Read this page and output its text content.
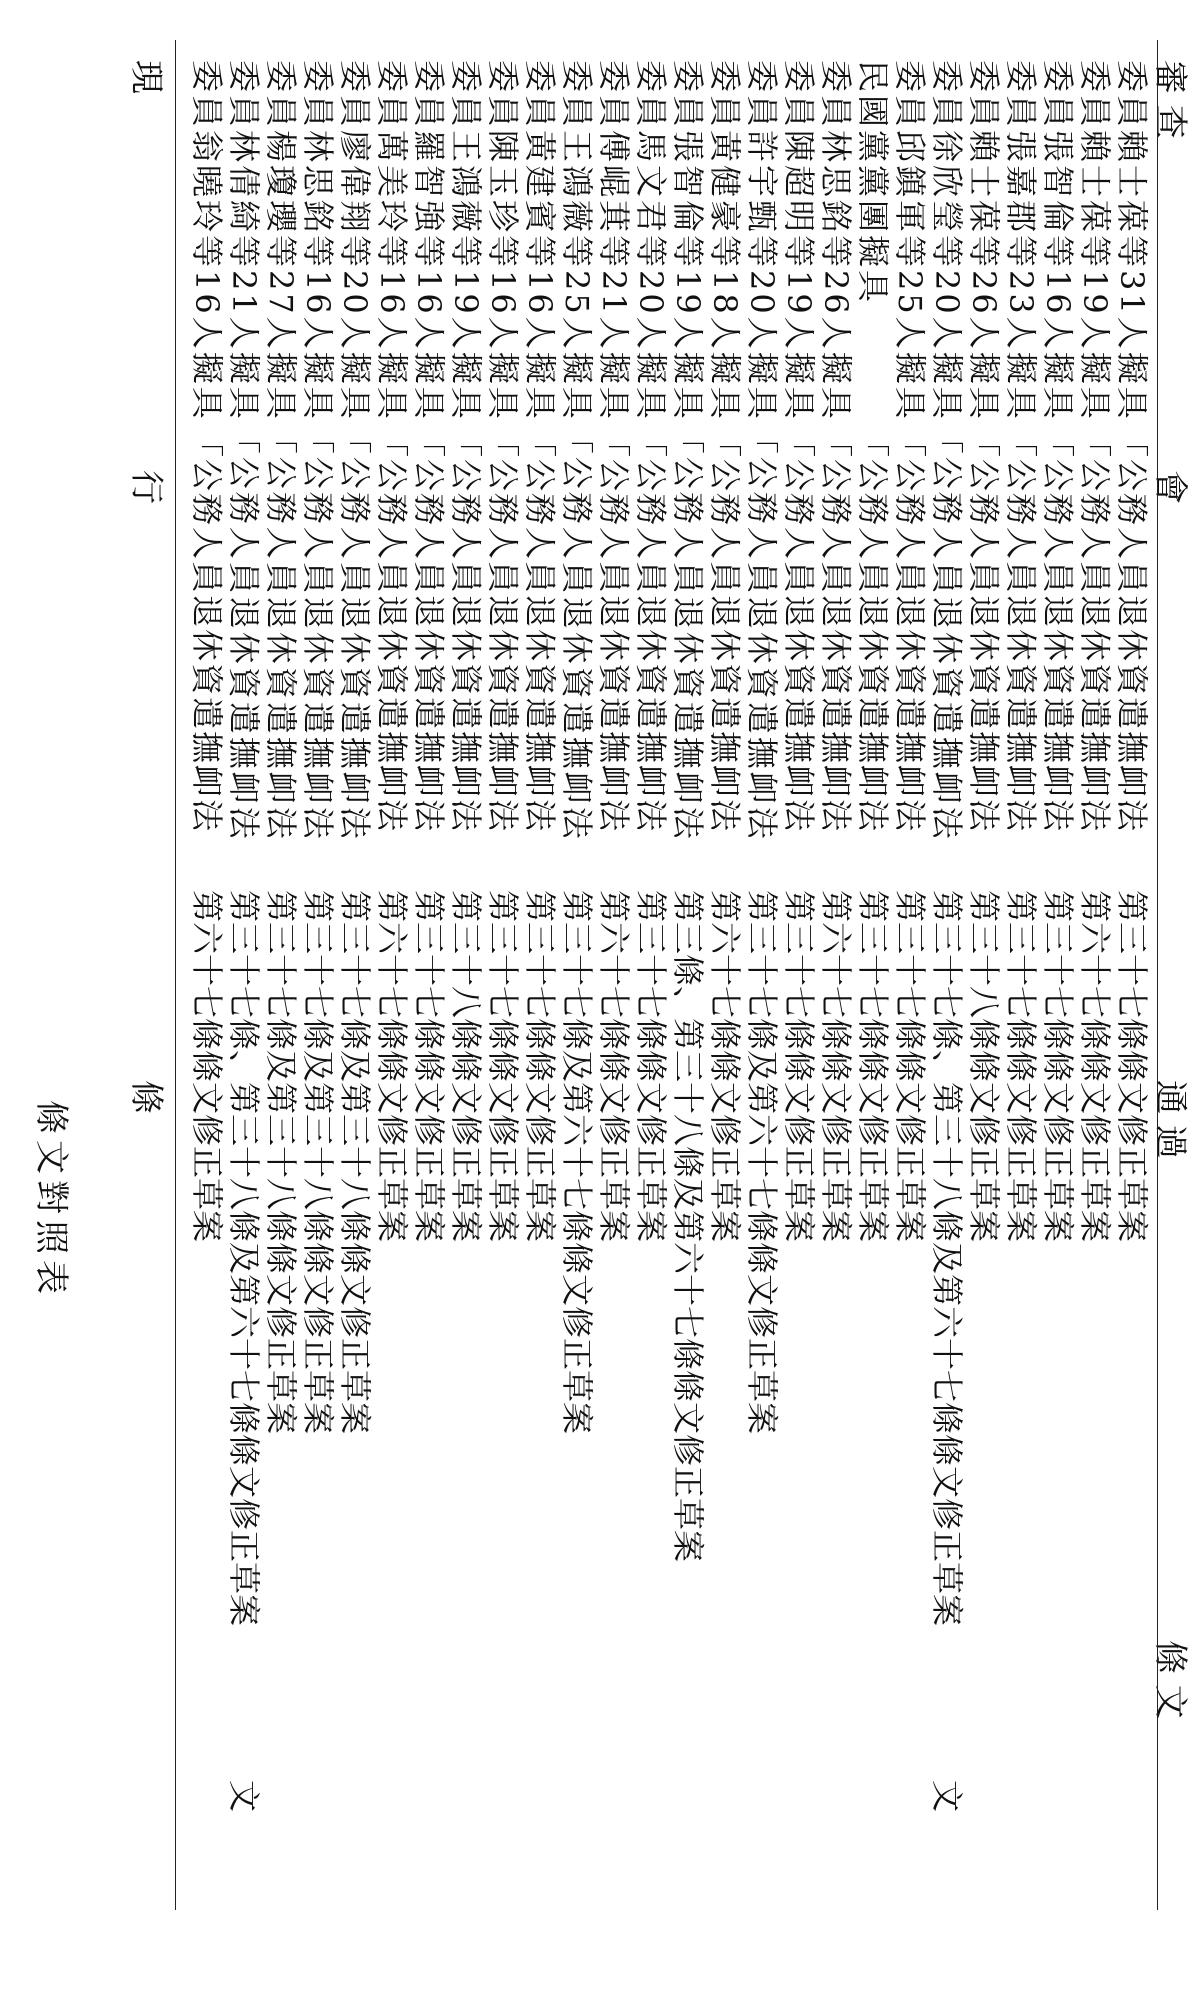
審 查
會
通 過
條 文
委員賴士葆等31人擬具
「公務人員退休資遣撫卹法
第三十七條條文修正草案
委員賴士葆等19人擬具
「公務人員退休資遣撫卹法
第六十七條條文修正草案
委員張智倫等16人擬具
「公務人員退休資遣撫卹法
第三十七條條文修正草案
委員張嘉郡等23人擬具
「公務人員退休資遣撫卹法
第三十七條條文修正草案
委員賴士葆等26人擬具
「公務人員退休資遣撫卹法
第三十八條條文修正草案
委員徐欣瑩等20人擬具「公務人員退休資遣撫卹法
第三十七條、第三十八條及第六十七條條文修正草案
文
委員邱鎮軍等25人擬具
「公務人員退休資遣撫卹法
第三十七條條文修正草案
民國黨黨團擬具
「公務人員退休資遣撫卹法
第三十七條條文修正草案
委員林思銘等26人擬具
「公務人員退休資遣撫卹法
第六十七條條文修正草案
委員陳超明等19人擬具
「公務人員退休資遣撫卹法
第三十七條條文修正草案
委員許宇甄等20人擬具「公務人員退休資遣撫卹法
第三十七條及第六十七條條文修正草案
委員黃健豪等18人擬具
「公務人員退休資遣撫卹法
第六十七條條文修正草案
委員張智倫等19人擬具「公務人員退休資遣撫卹法
第三條、第三十八條及第六十七條條文修正草案
委員馬文君等20人擬具
「公務人員退休資遣撫卹法
第三十七條條文修正草案
委員傅崐萁等21人擬具
「公務人員退休資遣撫卹法
第六十七條條文修正草案
委員王鴻薇等25人擬具「公務人員退休資遣撫卹法
第三十七條及第六十七條條文修正草案
委員黃建賓等16人擬具
「公務人員退休資遣撫卹法
第三十七條條文修正草案
委員陳玉珍等16人擬具
「公務人員退休資遣撫卹法
第三十七條條文修正草案
委員王鴻薇等19人擬具
「公務人員退休資遣撫卹法
第三十八條條文修正草案
委員羅智強等16人擬具
「公務人員退休資遣撫卹法
第三十七條條文修正草案
委員萬美玲等16人擬具
「公務人員退休資遣撫卹法
第六十七條條文修正草案
委員廖偉翔等20人擬具「公務人員退休資遣撫卹法
第三十七條及第三十八條條文修正草案
委員林思銘等16人擬具「公務人員退休資遣撫卹法
第三十七條及第三十八條條文修正草案
委員楊瓊瓔等27人擬具「公務人員退休資遣撫卹法
第三十七條及第三十八條條文修正草案
委員林倩綺等21人擬具「公務人員退休資遣撫卹法
第三十七條、第三十八條及第六十七條條文修正草案
文
委員翁曉玲等16人擬具
「公務人員退休資遣撫卹法
第六十七條條文修正草案
現
行
條
條文對照表
